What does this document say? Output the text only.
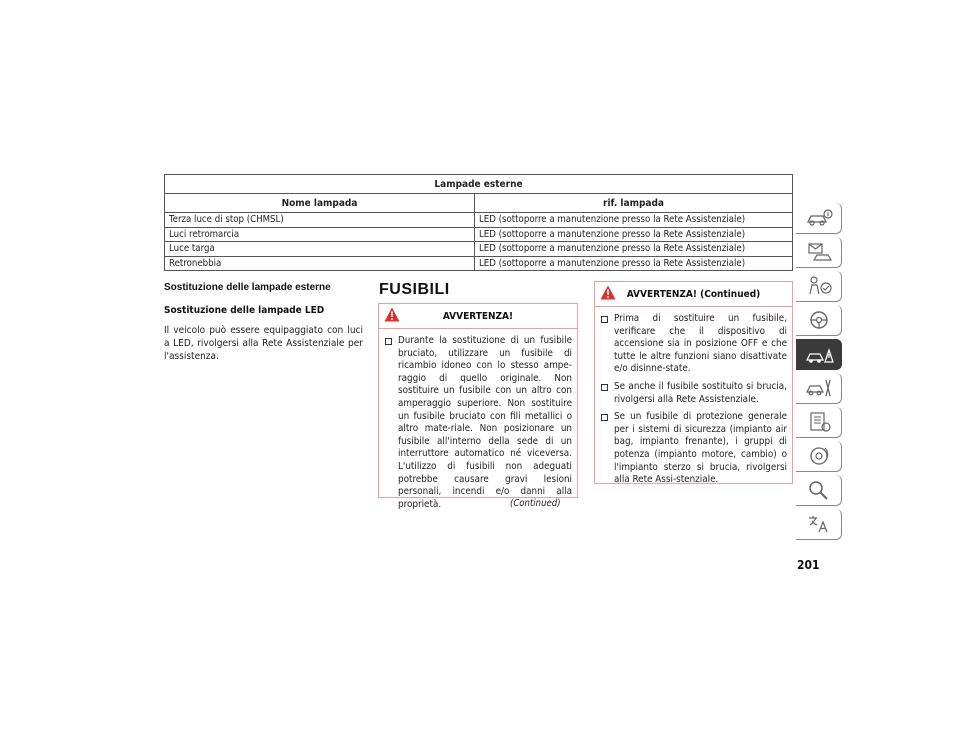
Lampade esterne	
Nome lampada	rif. lampada
Terza luce di stop (CHMSL)	LED (sottoporre a manutenzione presso la Rete Assistenziale)
Luci retromarcia	LED (sottoporre a manutenzione presso la Rete Assistenziale)
Luce targa	LED (sottoporre a manutenzione presso la Rete Assistenziale)
Retronebbia	LED (sottoporre a manutenzione presso la Rete Assistenziale)
Sostituzione delle lampade esterne
Sostituzione delle lampade LED

Il veicolo può essere equipaggiato con luci a LED, rivolgersi alla Rete Assistenziale per l'assistenza.

FUSIBILI
AVVERTENZA!
Durante la sostituzione di un fusibile bruciato, utilizzare un fusibile di ricambio idoneo con lo stesso ampe-raggio di quello originale. Non sostituire un fusibile con un altro con amperaggio superiore. Non sostituire un fusibile bruciato con fili metallici o altro mate-riale. Non posizionare un fusibile all'interno della sede di un interruttore automatico né viceversa. L'utilizzo di fusibili non adeguati potrebbe causare gravi lesioni personali, incendi e/o danni alla proprietà.	(Continued)
AVVERTENZA! (Continued)
Prima di sostituire un fusibile, verificare che il dispositivo di accensione sia in posizione OFF e che tutte le altre funzioni siano disattivate e/o disinne-state.
Se anche il fusibile sostituito si brucia, rivolgersi alla Rete Assistenziale.
Se un fusibile di protezione generale per i sistemi di sicurezza (impianto air bag, impianto frenante), i gruppi di potenza (impianto motore, cambio) o l'impianto sterzo si brucia, rivolgersi alla Rete Assi-stenziale.
201
